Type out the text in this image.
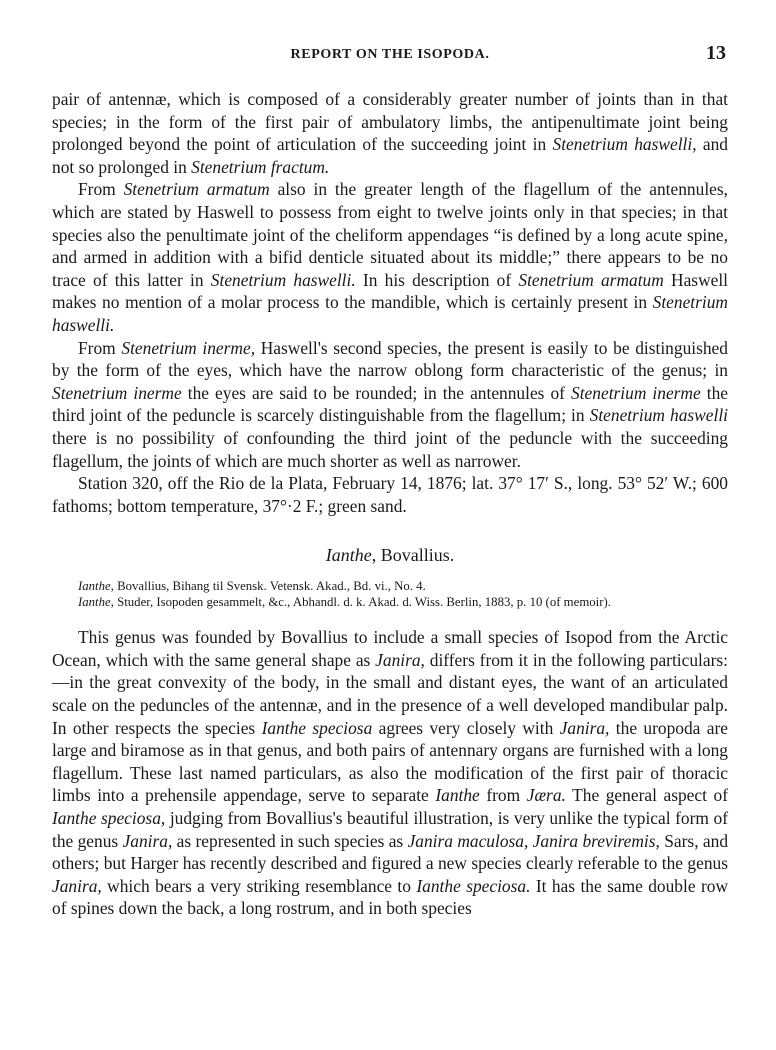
REPORT ON THE ISOPODA.	13

pair of antennæ, which is composed of a considerably greater number of joints than in that species; in the form of the first pair of ambulatory limbs, the antipenultimate joint being prolonged beyond the point of articulation of the succeeding joint in Stenetrium haswelli, and not so prolonged in Stenetrium fractum.

From Stenetrium armatum also in the greater length of the flagellum of the antennules, which are stated by Haswell to possess from eight to twelve joints only in that species; in that species also the penultimate joint of the cheliform appendages “is defined by a long acute spine, and armed in addition with a bifid denticle situated about its middle;” there appears to be no trace of this latter in Stenetrium haswelli. In his description of Stenetrium armatum Haswell makes no mention of a molar process to the mandible, which is certainly present in Stenetrium haswelli.

From Stenetrium inerme, Haswell's second species, the present is easily to be distinguished by the form of the eyes, which have the narrow oblong form characteristic of the genus; in Stenetrium inerme the eyes are said to be rounded; in the antennules of Stenetrium inerme the third joint of the peduncle is scarcely distinguishable from the flagellum; in Stenetrium haswelli there is no possibility of confounding the third joint of the peduncle with the succeeding flagellum, the joints of which are much shorter as well as narrower.

Station 320, off the Rio de la Plata, February 14, 1876; lat. 37° 17′ S., long. 53° 52′ W.; 600 fathoms; bottom temperature, 37°·2 F.; green sand.

Ianthe, Bovallius.

Ianthe, Bovallius, Bihang til Svensk. Vetensk. Akad., Bd. vi., No. 4.

Ianthe, Studer, Isopoden gesammelt, &c., Abhandl. d. k. Akad. d. Wiss. Berlin, 1883, p. 10 (of memoir).

This genus was founded by Bovallius to include a small species of Isopod from the Arctic Ocean, which with the same general shape as Janira, differs from it in the following particulars:—in the great convexity of the body, in the small and distant eyes, the want of an articulated scale on the peduncles of the antennæ, and in the presence of a well developed mandibular palp. In other respects the species Ianthe speciosa agrees very closely with Janira, the uropoda are large and biramose as in that genus, and both pairs of antennary organs are furnished with a long flagellum. These last named particulars, as also the modification of the first pair of thoracic limbs into a prehensile appendage, serve to separate Ianthe from Jæra. The general aspect of Ianthe speciosa, judging from Bovallius's beautiful illustration, is very unlike the typical form of the genus Janira, as represented in such species as Janira maculosa, Janira breviremis, Sars, and others; but Harger has recently described and figured a new species clearly referable to the genus Janira, which bears a very striking resemblance to Ianthe speciosa. It has the same double row of spines down the back, a long rostrum, and in both species
